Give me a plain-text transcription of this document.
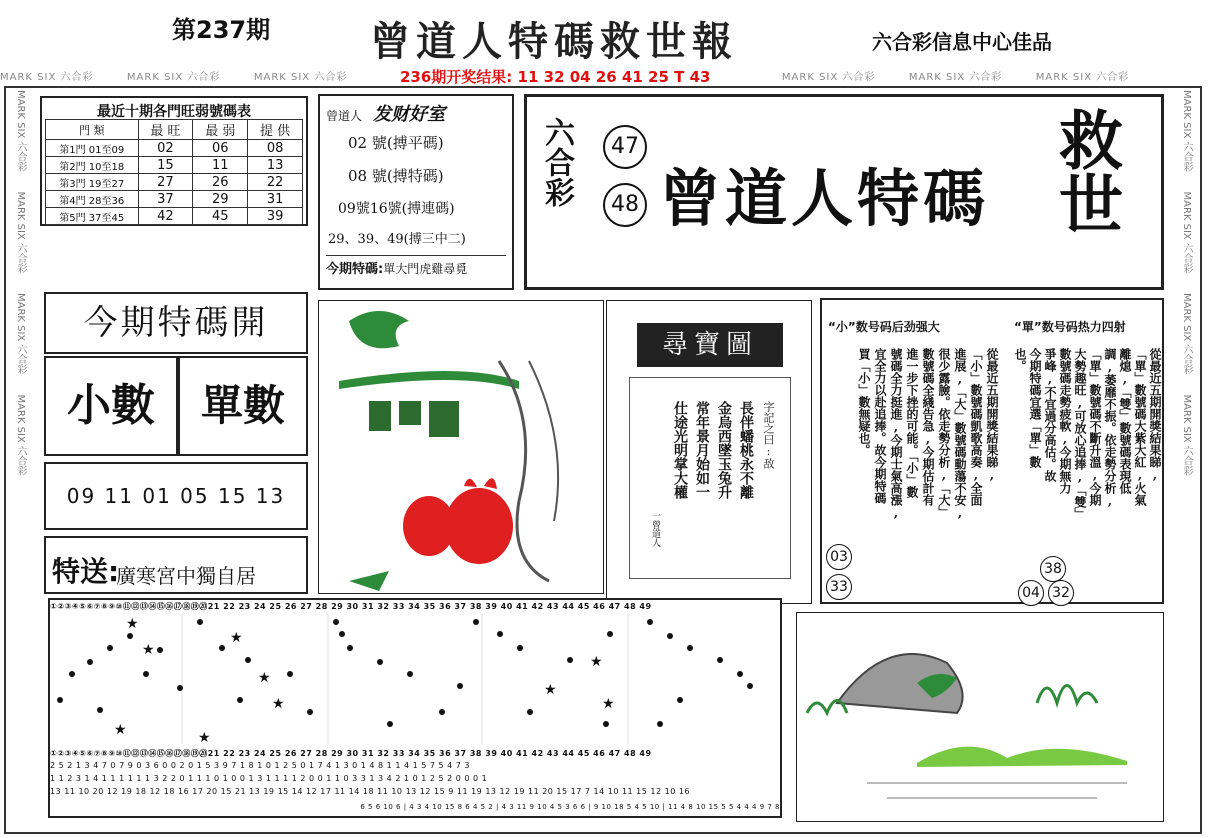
第237期 曾道人特碼救世報	六合彩信息中心佳品
MARK SIX 六合彩	MARK SIX 六合彩	MARK SIX 六合彩	MARK SIX 六合彩	MARK SIX 六合彩	MARK SIX 六合彩
236期开奖结果: 11 32 04 26 41 25 T 43
MARK SIX 六合彩　　MARK SIX 六合彩　　MARK SIX 六合彩　　MARK SIX 六合彩
MARK SIX 六合彩　　MARK SIX 六合彩　　MARK SIX 六合彩　　MARK SIX 六合彩
最近十期各門旺弱號碼表
門 類	最 旺	最 弱	提 供
第1門 01至09	02	06	08
第2門 10至18	15	11	13
第3門 19至27	27	26	22
第4門 28至36	37	29	31
第5門 37至45	42	45	39
曾道人 发财好室
02 號(搏平碼)
08 號(搏特碼)
09號16號(搏連碼)
29、39、49(搏三中二)
今期特碼:單大門虎雞尋覓
六合彩	47
48 曾道人特碼 救世
今期特碼開
小數	單數
09 11 01 05 15 13
特送:
廣寒宮中獨自居
尋寶圖
字記之曰:敌
長伴蟠桃永不離
金烏西墜玉兔升
常年景月始如一
仕途光明掌大權
一曾道人
“小”数号码后劲强大	“單”数号码热力四射
從最近五期開獎結果睇,
「單」數號碼大紫大紅,火氣
離熄,「雙」數號碼表現低
調,萎靡不振。依走勢分析,
「單」數號碼不斷升溫,今期
大勢趣旺,可放心追捧,「雙」
數號碼走勢疲軟,今期無力
爭峰,不宜過分高估。故
今期特碼宜選「單」數
也。
從最近五期開獎結果睇,
「小」數號碼凱歌高奏,全面
進展,「大」數號碼動蕩不安,
很少露臉。依走勢分析,「大」
數號碼全綫告急,今期估計有
進一步下挫的可能。「小」數
號碼全力挺進,今期士氣高漲,
宜全力以赴追捧。故今期特碼
買「小」數無疑也。
38
04 32
03
33
①②③④⑤⑥⑦⑧⑨⑩⑪⑫⑬⑭⑮⑯⑰⑱⑲⑳21 22 23 24 25 26 27 28 29 30 31 32 33 34 35 36 37 38 39 40 41 42 43 44 45 46 47 48 49
★
★
★
★
★
★	★
★
★
★
①②③④⑤⑥⑦⑧⑨⑩⑪⑫⑬⑭⑮⑯⑰⑱⑲⑳21 22 23 24 25 26 27 28 29 30 31 32 33 34 35 36 37 38 39 40 41 42 43 44 45 46 47 48 49
2 5 2 1 3 4 7 0 7 9 0 3 6 0 0 2 0 1 5 3 9 7 1 8 1 0 1 2 5 0 1 7 4 1 3 0 1 4 8 1 1 4 1 5 7 5 4 7 3
1 1 2 3 1 4 1 1 1 1 1 1 3 2 2 0 1 1 1 0 1 0 0 1 3 1 1 1 1 2 0 0 1 1 0 3 3 1 3 4 2 1 0 1 2 5 2 0 0 0 1
13 11 10 20 12 19 18 12 18 16 17 20 15 21 13 19 15 14 12 17 11 14 18 11 10 13 12 15 9 11 19 13 12 19 11 20 15 17 7 14 10 11 15 12 10 16
6 5 6 10 6 | 4 3 4 10 15 8 6 4 5 2 | 4 3 11 9 10 4 5 3 6 6 | 9 10 18 5 4 5 10 | 11 4 8 10 15 5 5 4 4 4 9 7 8
